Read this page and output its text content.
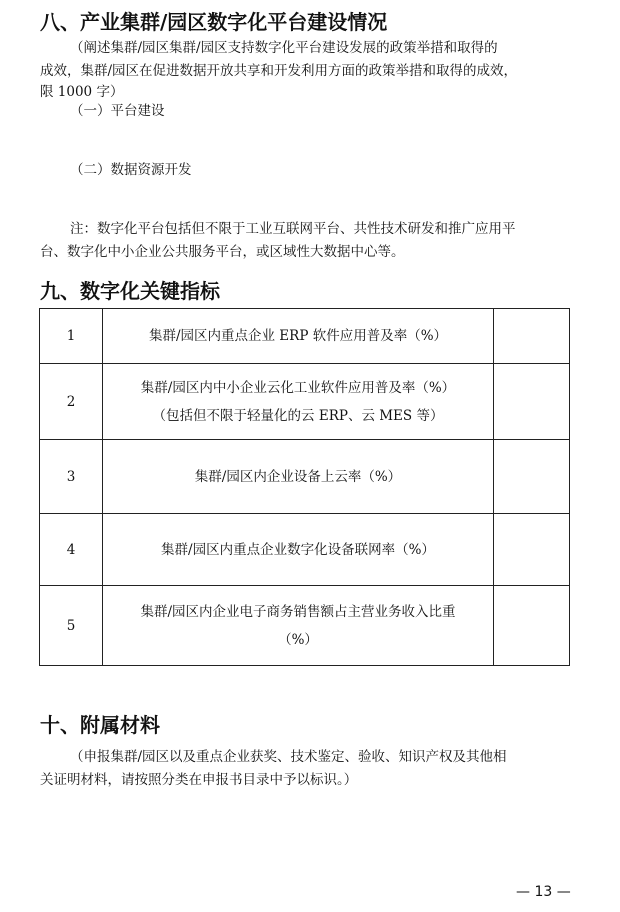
八、产业集群/园区数字化平台建设情况
（阐述集群/园区集群/园区支持数字化平台建设发展的政策举措和取得的
成效，集群/园区在促进数据开放共享和开发利用方面的政策举措和取得的成效，
限 1000 字）
（一）平台建设
（二）数据资源开发
注：数字化平台包括但不限于工业互联网平台、共性技术研发和推广应用平
台、数字化中小企业公共服务平台，或区域性大数据中心等。
九、数字化关键指标
1	集群/园区内重点企业 ERP 软件应用普及率（%）	
2	集群/园区内中小企业云化工业软件应用普及率（%）
（包括但不限于轻量化的云 ERP、云 MES 等）	

3	集群/园区内企业设备上云率（%）	
4	集群/园区内重点企业数字化设备联网率（%）	
5	集群/园区内企业电子商务销售额占主营业务收入比重
（%）	

十、附属材料
（申报集群/园区以及重点企业获奖、技术鉴定、验收、知识产权及其他相
关证明材料，请按照分类在申报书目录中予以标识。）
— 13 —
